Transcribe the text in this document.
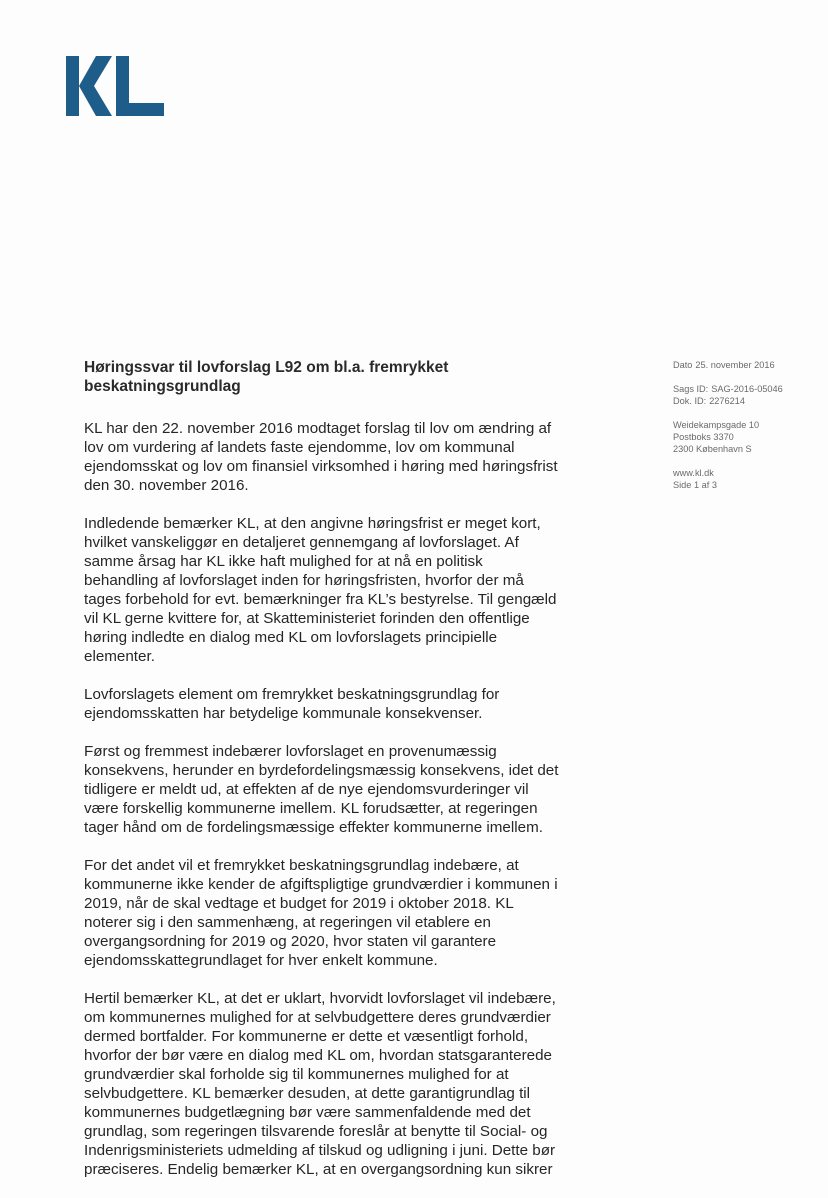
Høringssvar til lovforslag L92 om bl.a. fremrykket beskatningsgrundlag

KL har den 22. november 2016 modtaget forslag til lov om ændring af lov om vurdering af landets faste ejendomme, lov om kommunal ejendomsskat og lov om finansiel virksomhed i høring med høringsfrist den 30. november 2016.

Indledende bemærker KL, at den angivne høringsfrist er meget kort, hvilket vanskeliggør en detaljeret gennemgang af lovforslaget. Af samme årsag har KL ikke haft mulighed for at nå en politisk behandling af lovforslaget inden for høringsfristen, hvorfor der må tages forbehold for evt. bemærkninger fra KL’s bestyrelse. Til gengæld vil KL gerne kvittere for, at Skatteministeriet forinden den offentlige høring indledte en dialog med KL om lovforslagets principielle elementer.

Lovforslagets element om fremrykket beskatningsgrundlag for ejendomsskatten har betydelige kommunale konsekvenser.

Først og fremmest indebærer lovforslaget en provenumæssig konsekvens, herunder en byrdefordelingsmæssig konsekvens, idet det tidligere er meldt ud, at effekten af de nye ejendomsvurderinger vil være forskellig kommunerne imellem. KL forudsætter, at regeringen tager hånd om de fordelingsmæssige effekter kommunerne imellem.

For det andet vil et fremrykket beskatningsgrundlag indebære, at kommunerne ikke kender de afgiftspligtige grundværdier i kommunen i 2019, når de skal vedtage et budget for 2019 i oktober 2018. KL noterer sig i den sammenhæng, at regeringen vil etablere en overgangsordning for 2019 og 2020, hvor staten vil garantere ejendomsskattegrundlaget for hver enkelt kommune.

Hertil bemærker KL, at det er uklart, hvorvidt lovforslaget vil indebære, om kommunernes mulighed for at selvbudgettere deres grundværdier dermed bortfalder. For kommunerne er dette et væsentligt forhold, hvorfor der bør være en dialog med KL om, hvordan statsgaranterede grundværdier skal forholde sig til kommunernes mulighed for at selvbudgettere. KL bemærker desuden, at dette garantigrundlag til kommunernes budgetlægning bør være sammenfaldende med det grundlag, som regeringen tilsvarende foreslår at benytte til Social- og Indenrigsministeriets udmelding af tilskud og udligning i juni. Dette bør præciseres. Endelig bemærker KL, at en overgangsordning kun sikrer

Dato 25. november 2016
Sags ID: SAG-2016-05046
Dok. ID: 2276214
Weidekampsgade 10
Postboks 3370
2300 København S
www.kl.dk
Side 1 af 3
